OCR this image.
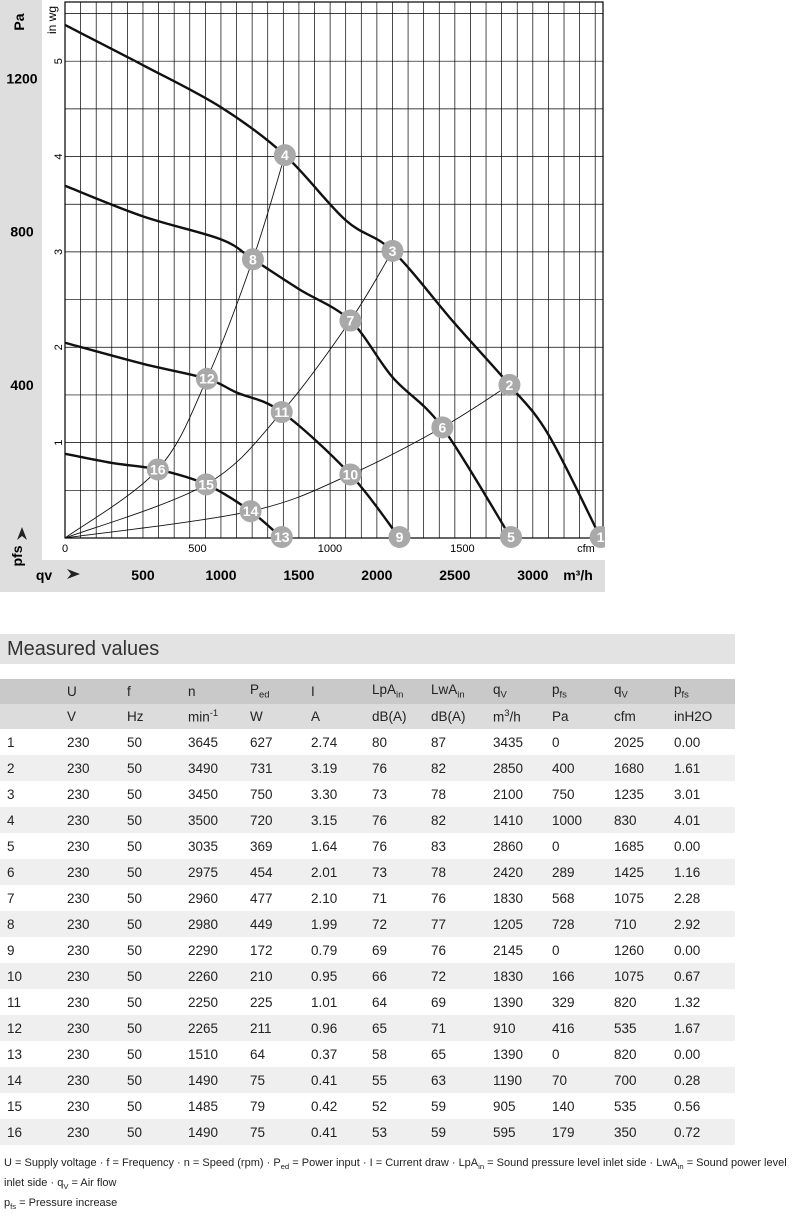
1
2
3
4
5
6
7
8
9
10
11
12
13
14
15
16
Pa in wg
400
800
1200
1
2
3
4
5
0	500	1000	1500	cfm
500	1000	1500	2000	2500	3000 m³/h
qv
pfs
Measured values
	U	f	n	$P_{ed}$	I	LpA$_{in}$	LwA$_{in}$	$q_V$	$p_{fs}$	$q_V$	$p_{fs}$
	V	Hz	$\min^{-1}$	W	A	dB(A)	dB(A)	$m^3/h$	Pa	cfm	inH2O
1	230	50	3645	627	2.74	80	87	3435	0	2025	0.00
2	230	50	3490	731	3.19	76	82	2850	400	1680	1.61
3	230	50	3450	750	3.30	73	78	2100	750	1235	3.01
4	230	50	3500	720	3.15	76	82	1410	1000	830	4.01
5	230	50	3035	369	1.64	76	83	2860	0	1685	0.00
6	230	50	2975	454	2.01	73	78	2420	289	1425	1.16
7	230	50	2960	477	2.10	71	76	1830	568	1075	2.28
8	230	50	2980	449	1.99	72	77	1205	728	710	2.92
9	230	50	2290	172	0.79	69	76	2145	0	1260	0.00
10	230	50	2260	210	0.95	66	72	1830	166	1075	0.67
11	230	50	2250	225	1.01	64	69	1390	329	820	1.32
12	230	50	2265	211	0.96	65	71	910	416	535	1.67
13	230	50	1510	64	0.37	58	65	1390	0	820	0.00
14	230	50	1490	75	0.41	55	63	1190	70	700	0.28
15	230	50	1485	79	0.42	52	59	905	140	535	0.56
16	230	50	1490	75	0.41	53	59	595	179	350	0.72
U = Supply voltage · f = Frequency · n = Speed $(rpm) \cdot P_{ed}$ = Power input · I = Current draw · LpA$_{in}$ = Sound pressure level inlet side · LwA$_{in}$ = Sound power level inlet side · $q_V$ = Air flow
$p_{fs}$ = Pressure increase
